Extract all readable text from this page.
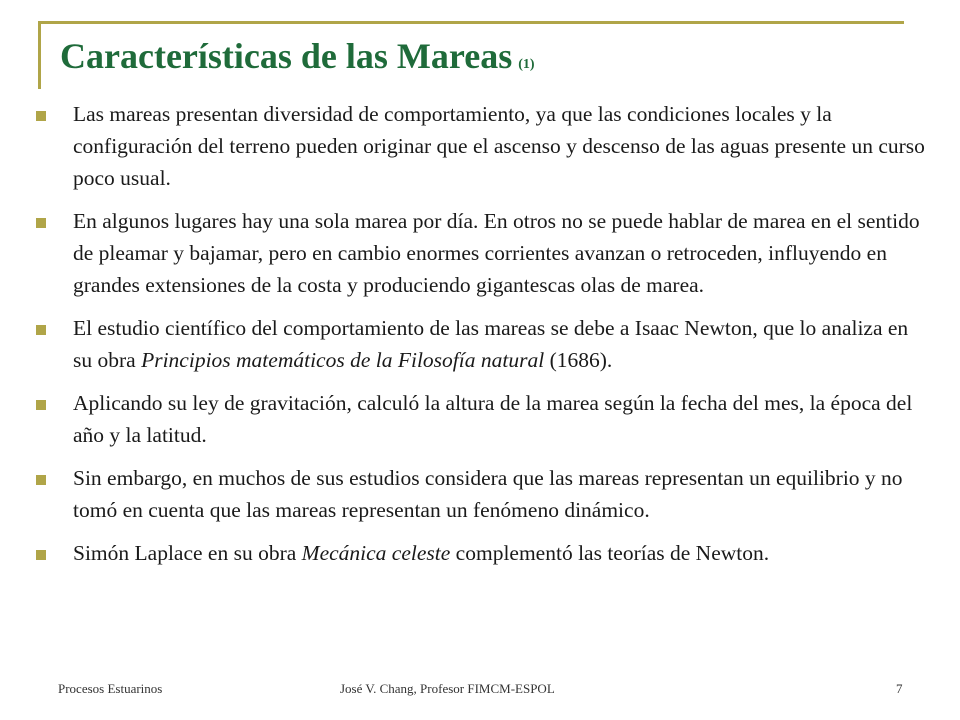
Características de las Mareas (1)
Las mareas presentan diversidad de comportamiento, ya que las condiciones locales y la configuración del terreno pueden originar que el ascenso y descenso de las aguas presente un curso poco usual.
En algunos lugares hay una sola marea por día. En otros no se puede hablar de marea en el sentido de pleamar y bajamar, pero en cambio enormes corrientes avanzan o retroceden, influyendo en grandes extensiones de la costa y produciendo gigantescas olas de marea.
El estudio científico del comportamiento de las mareas se debe a Isaac Newton, que lo analiza en su obra Principios matemáticos de la Filosofía natural (1686).
Aplicando su ley de gravitación, calculó la altura de la marea según la fecha del mes, la época del año y la latitud.
Sin embargo, en muchos de sus estudios considera que las mareas representan un equilibrio y no tomó en cuenta que las mareas representan un fenómeno dinámico.
Simón Laplace en su obra Mecánica celeste complementó las teorías de Newton.
Procesos Estuarinos	José V. Chang, Profesor FIMCM-ESPOL	7
